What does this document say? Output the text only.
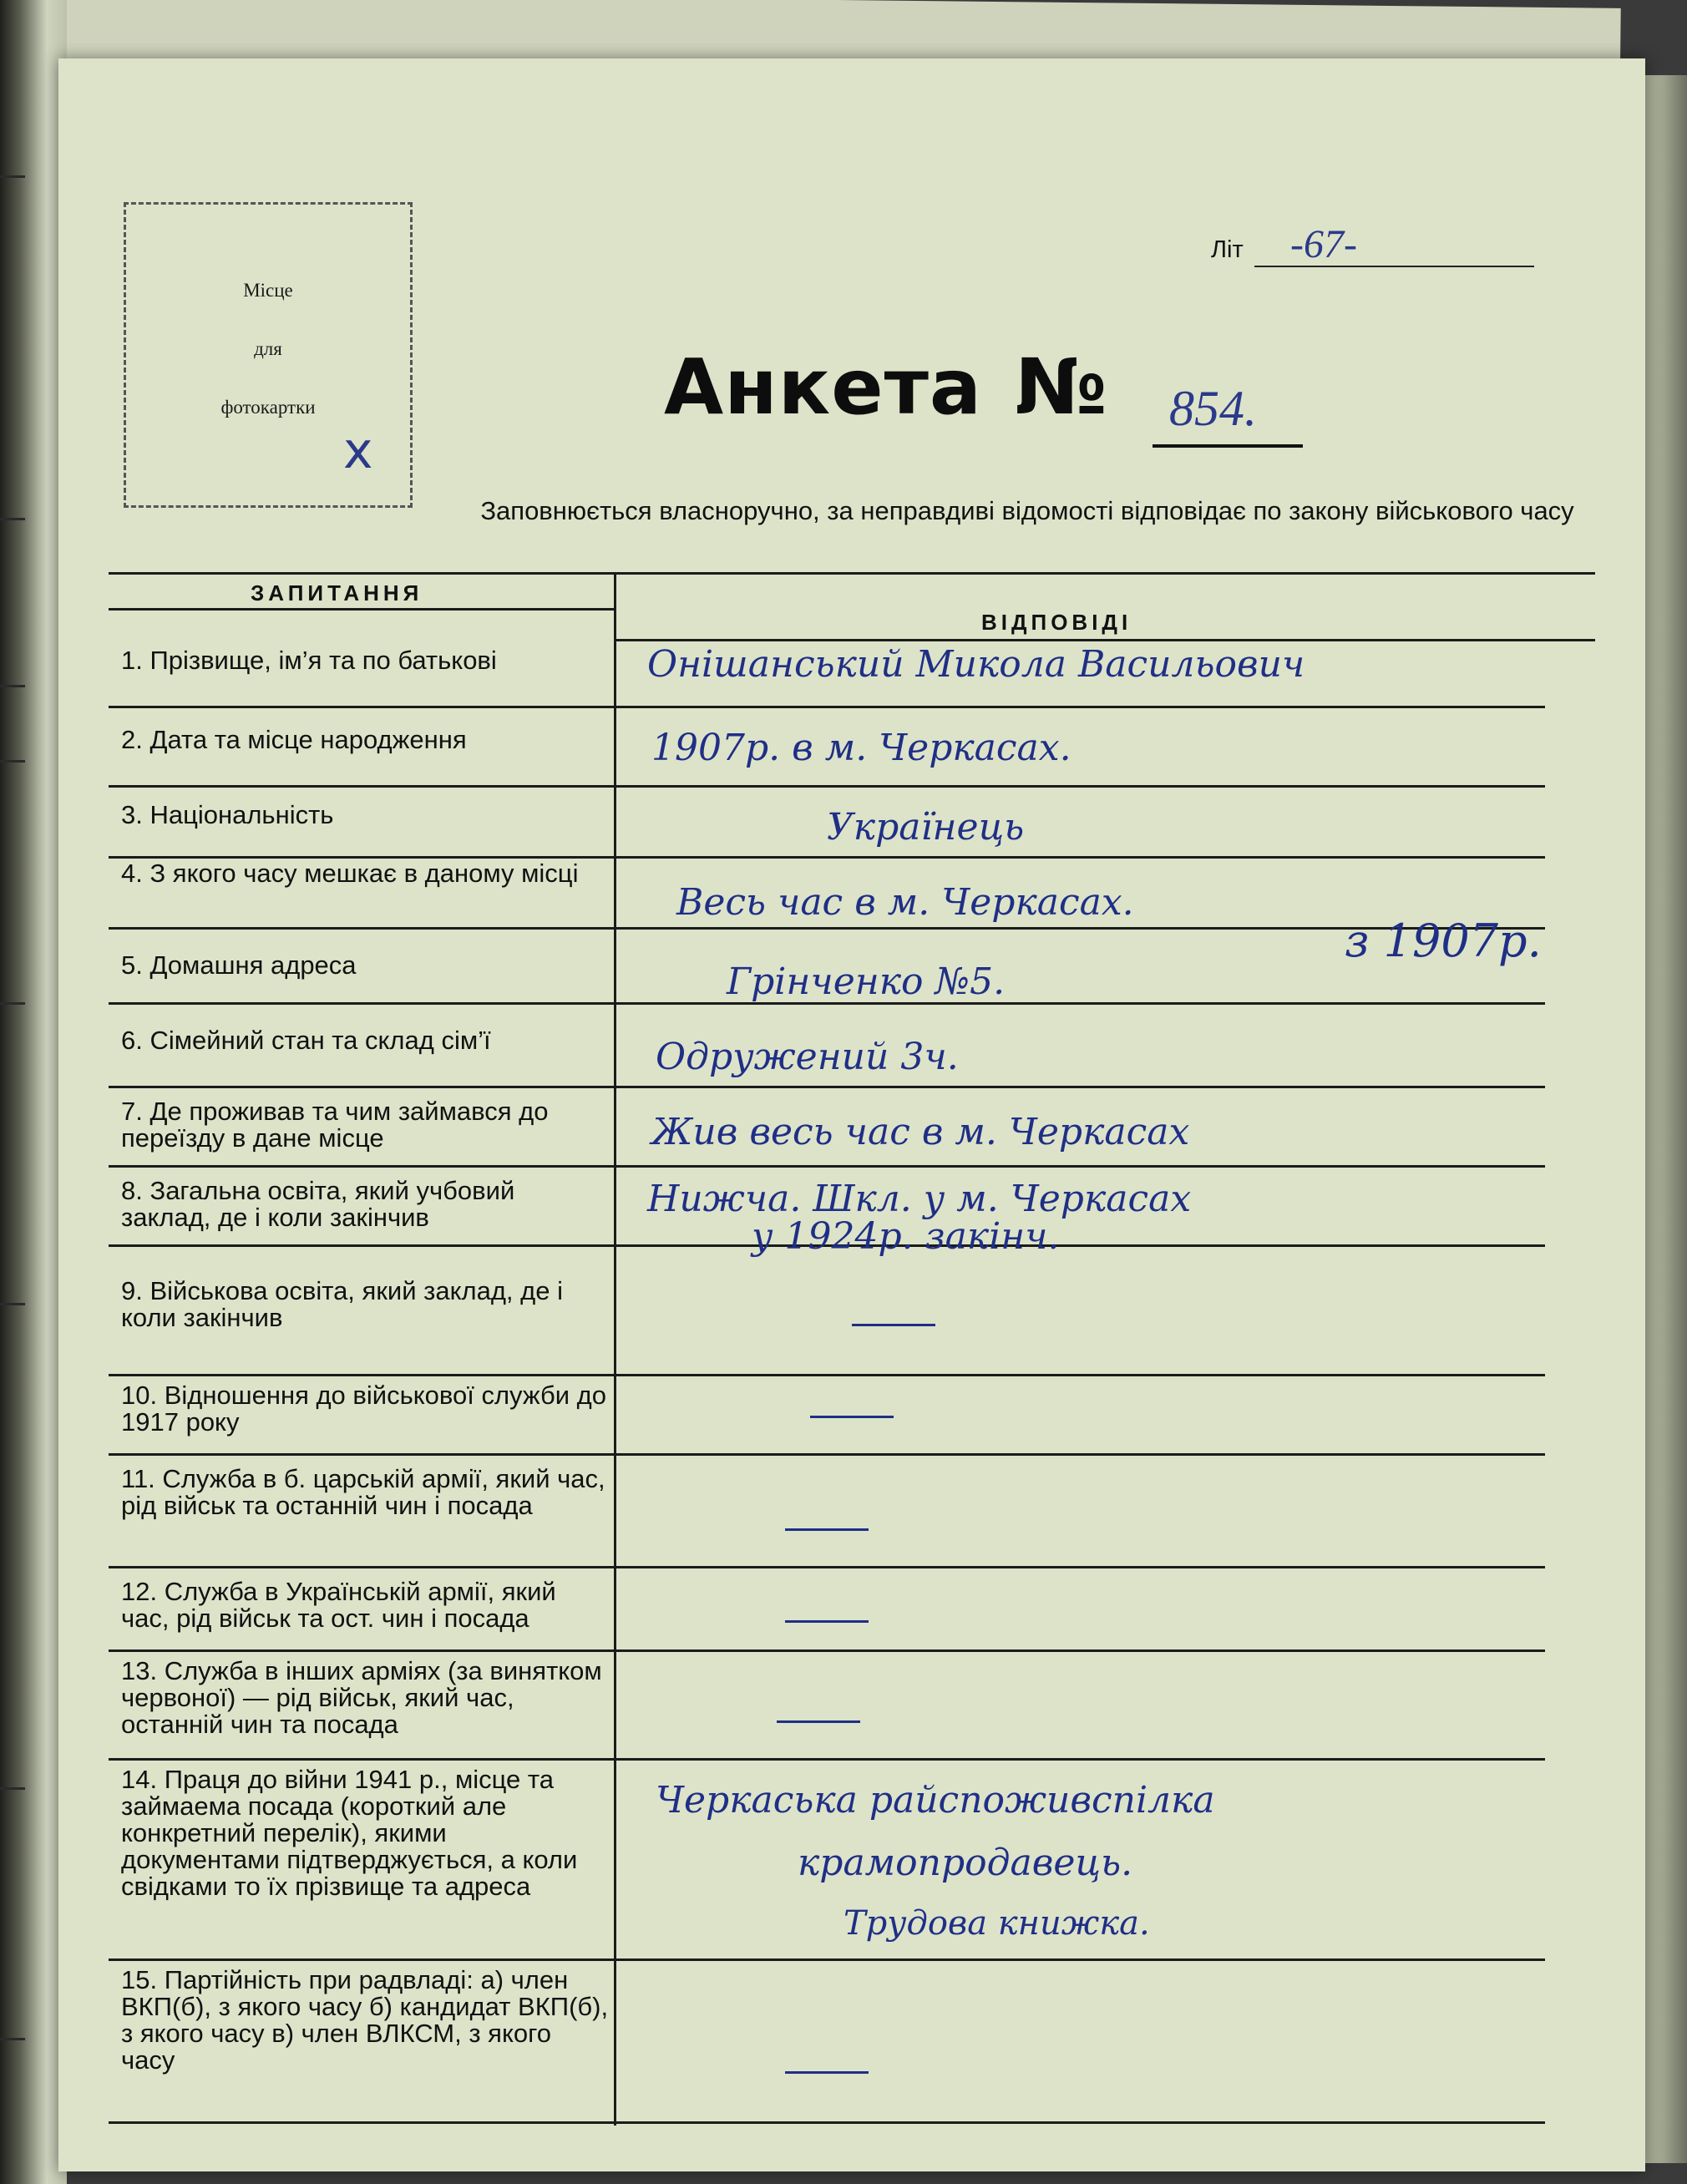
Місце
для
фотокартки
x
Літ -67-
Анкета № 854.
Заповнюється власноручно, за неправдиві відомості відповідає по закону військового часу
ЗАПИТАННЯ
ВІДПОВІДІ
1. Прізвище, ім’я та по батькові
2. Дата та місце народження
3. Національність
4. З якого часу мешкає в даному місці
5. Домашня адреса
6. Сімейний стан та склад сім’ї
7. Де проживав та чим займався до переїзду в дане місце
8. Загальна освіта, який учбовий заклад, де і коли закінчив
9. Військова освіта, який заклад, де і коли закінчив
10. Відношення до військової служби до 1917 року
11. Служба в б. царській армії, який час, рід військ та останній чин і посада
12. Служба в Українській армії, який час, рід військ та ост. чин і посада
13. Служба в інших арміях (за винятком червоної) — рід військ, який час, останній чин та посада
14. Праця до війни 1941 р., місце та займаема посада (короткий але конкретний перелік), якими документами підтверджується, а коли свідками то їх прізвище та адреса
15. Партійність при радвладі: а) член ВКП(б), з якого часу б) кандидат ВКП(б), з якого часу в) член ВЛКСМ, з якого часу
Онішанський Микола Васильович
1907р. в м. Черкасах.
Українець
Весь час в м. Черкасах.
з 1907р.
Грінченко №5.
Одружений 3ч.
Жив весь час в м. Черкасах
Нижча. Шкл. у м. Черкасах
у 1924р. закінч.
Черкаська райспоживспілка
крамопродавець.
Трудова книжка.
